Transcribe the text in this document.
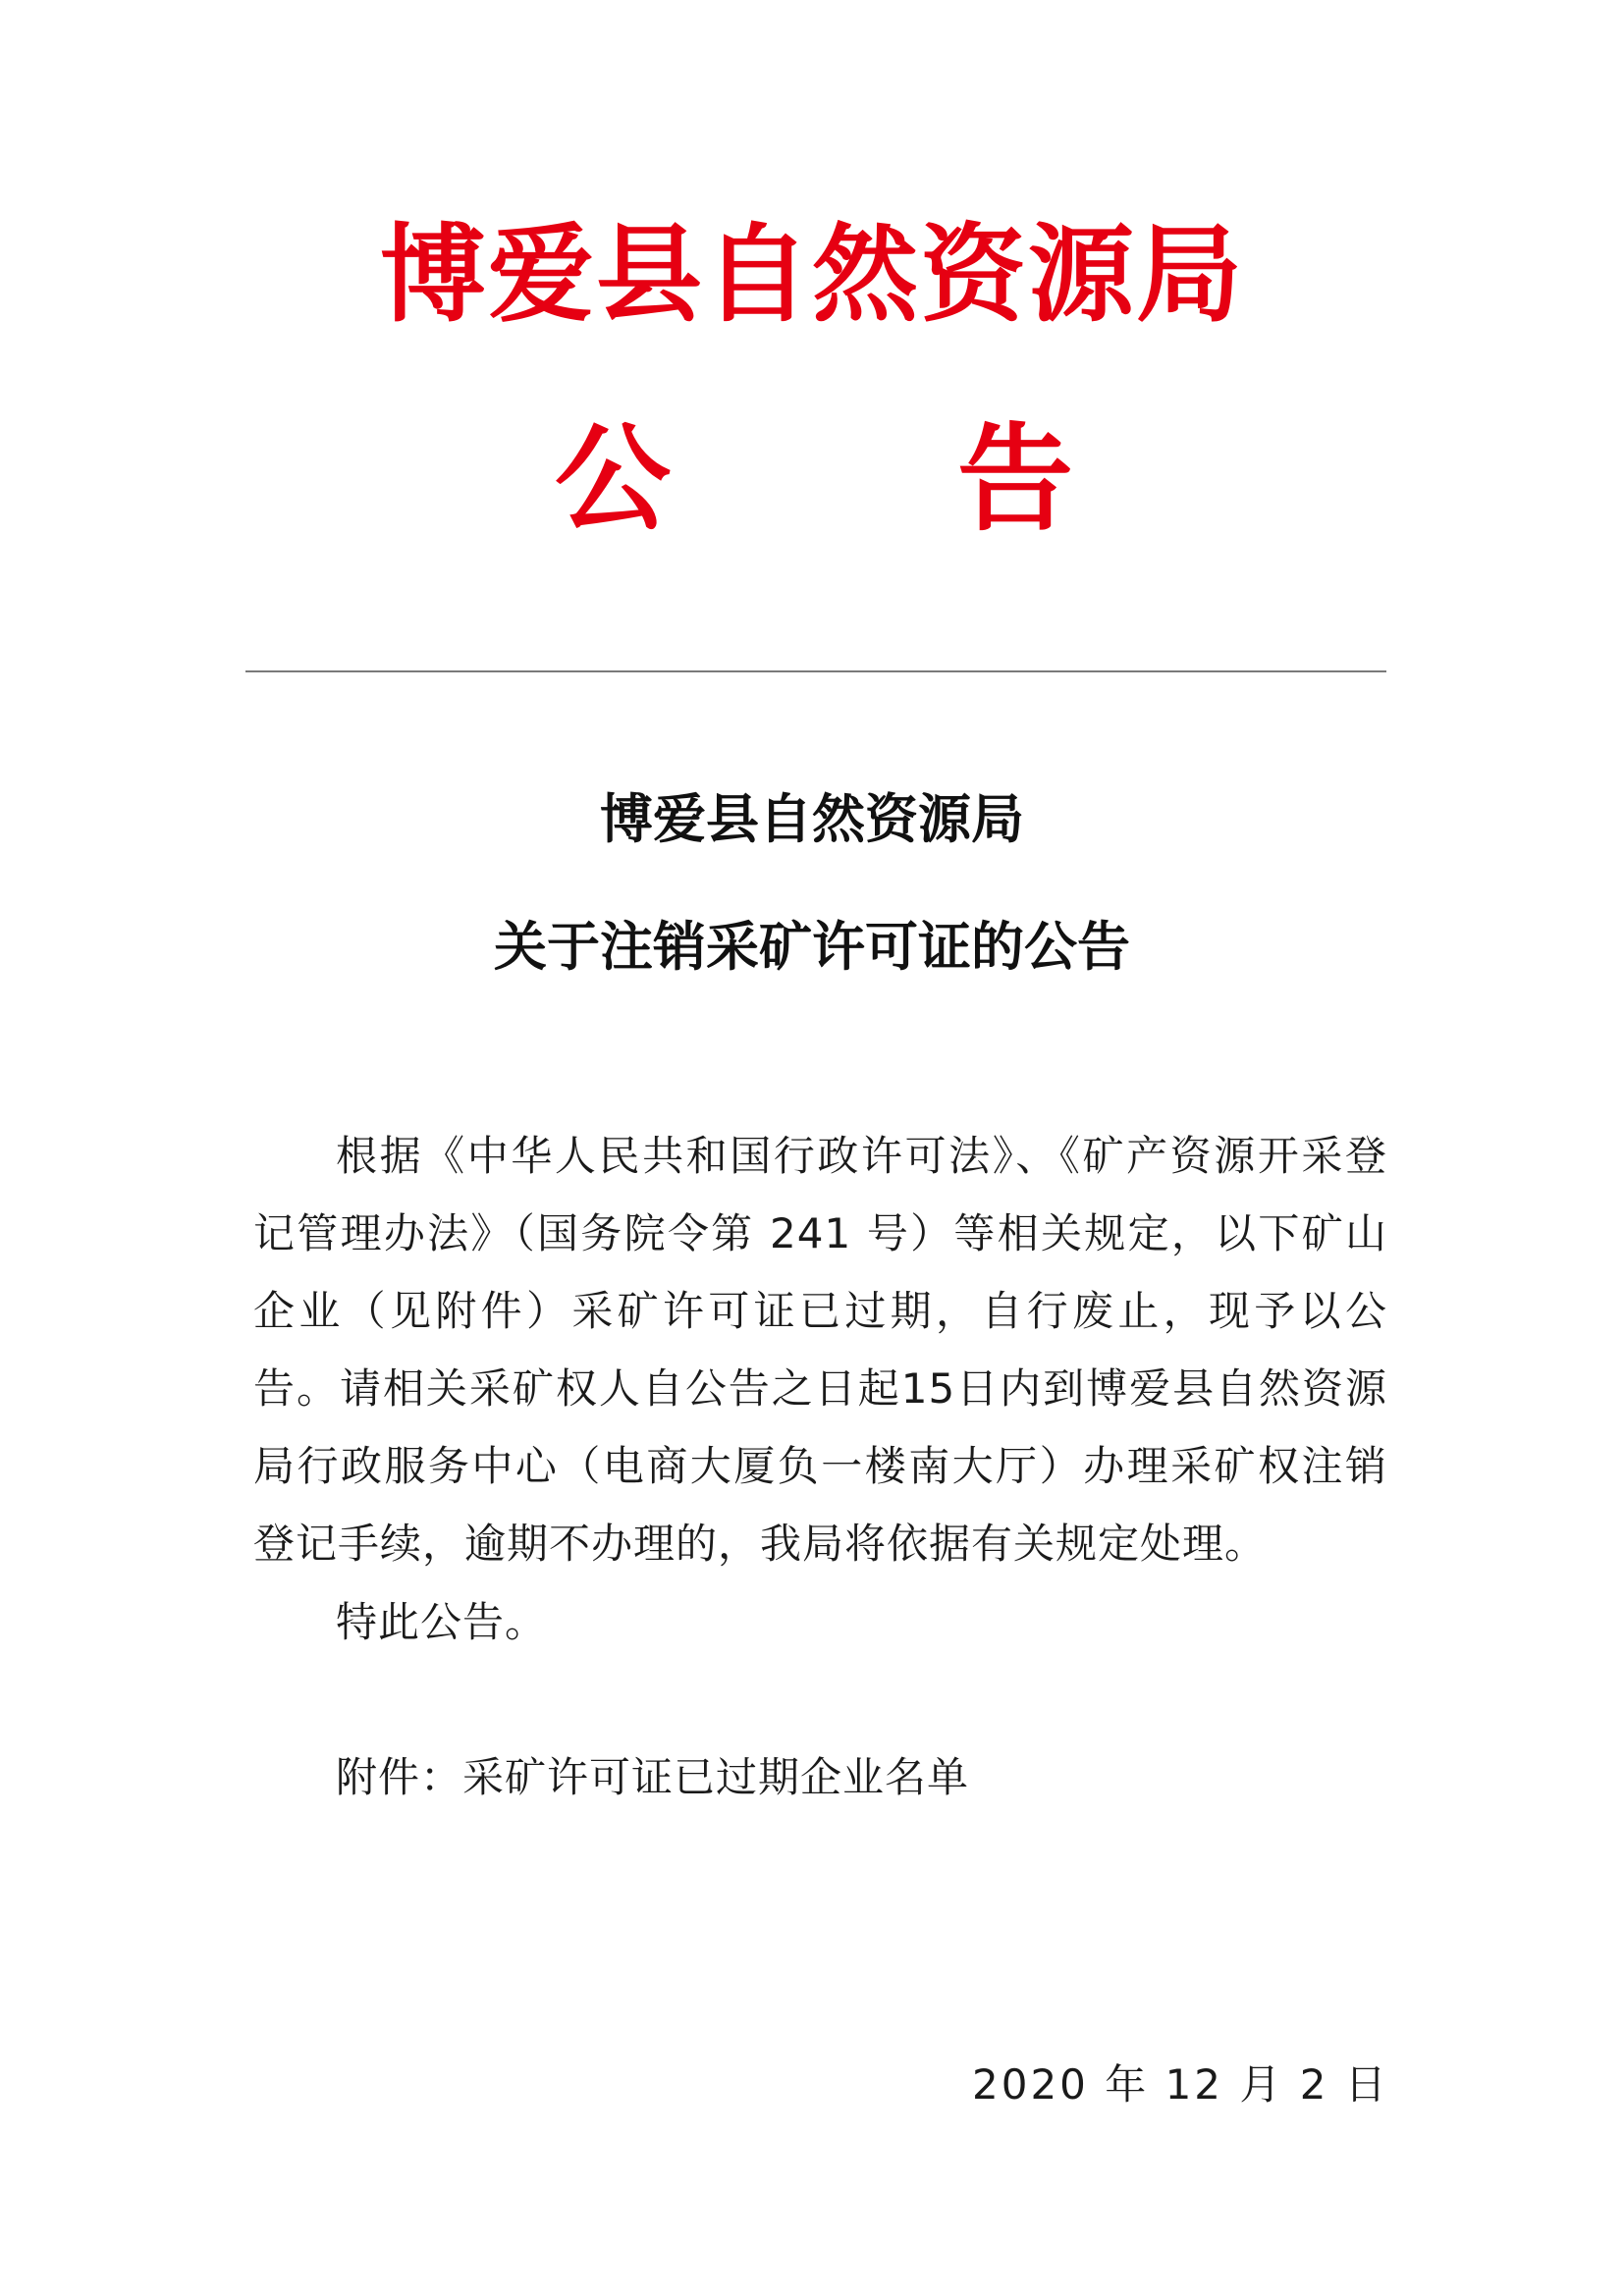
博爱县自然资源局
公 告
博爱县自然资源局
关于注销采矿许可证的公告

根据《中华人民共和国行政许可法》、《矿产资源开采登记管理办法》（国务院令第 241 号）等相关规定，以下矿山企业（见附件）采矿许可证已过期，自行废止，现予以公告。请相关采矿权人自公告之日起15日内到博爱县自然资源局行政服务中心（电商大厦负一楼南大厅）办理采矿权注销登记手续，逾期不办理的，我局将依据有关规定处理。

特此公告。
附件：采矿许可证已过期企业名单
2020 年 12 月 2 日
